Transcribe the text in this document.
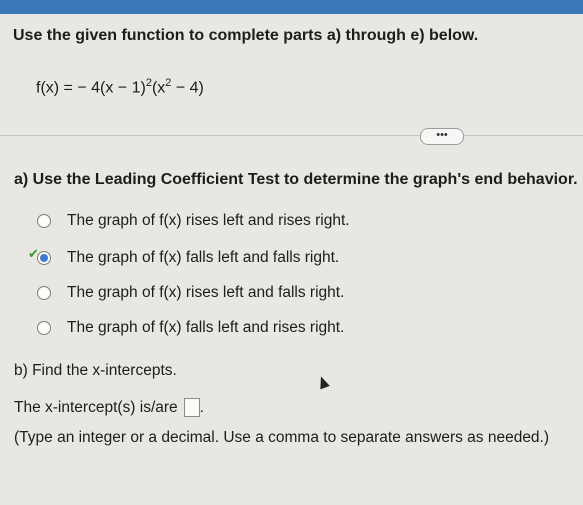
Use the given function to complete parts a) through e) below.
f(x) = − $4(x - 1)^2(x^2 - 4)$
•••
a) Use the Leading Coefficient Test to determine the graph's end behavior.
The graph of f(x) rises left and rises right.
✔ The graph of f(x) falls left and falls right.
The graph of f(x) rises left and falls right.
The graph of f(x) falls left and rises right.
b) Find the x-intercepts.
The x-intercept(s) is/are .
(Type an integer or a decimal. Use a comma to separate answers as needed.)
